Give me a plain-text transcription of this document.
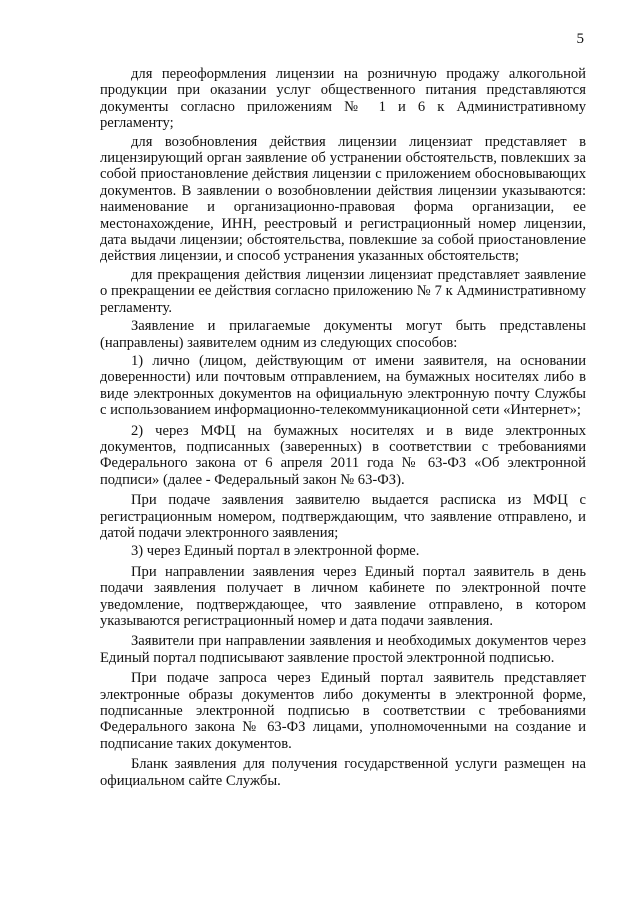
5

для переоформления лицензии на розничную продажу алкогольной продукции при оказании услуг общественного питания представляются документы согласно приложениям № 1 и 6 к Административному регламенту;

для возобновления действия лицензии лицензиат представляет в лицензирующий орган заявление об устранении обстоятельств, повлекших за собой приостановление действия лицензии с приложением обосновывающих документов. В заявлении о возобновлении действия лицензии указываются: наименование и организационно-правовая форма организации, ее местонахождение, ИНН, реестровый и регистрационный номер лицензии, дата выдачи лицензии; обстоятельства, повлекшие за собой приостановление действия лицензии, и способ устранения указанных обстоятельств;

для прекращения действия лицензии лицензиат представляет заявление о прекращении ее действия согласно приложению № 7 к Административному регламенту.

Заявление и прилагаемые документы могут быть представлены (направлены) заявителем одним из следующих способов:

1) лично (лицом, действующим от имени заявителя, на основании доверенности) или почтовым отправлением, на бумажных носителях либо в виде электронных документов на официальную электронную почту Службы с использованием информационно-телекоммуникационной сети «Интернет»;

2) через МФЦ на бумажных носителях и в виде электронных документов, подписанных (заверенных) в соответствии с требованиями Федерального закона от 6 апреля 2011 года № 63-ФЗ «Об электронной подписи» (далее - Федеральный закон № 63-ФЗ).

При подаче заявления заявителю выдается расписка из МФЦ с регистрационным номером, подтверждающим, что заявление отправлено, и датой подачи электронного заявления;

3) через Единый портал в электронной форме.

При направлении заявления через Единый портал заявитель в день подачи заявления получает в личном кабинете по электронной почте уведомление, подтверждающее, что заявление отправлено, в котором указываются регистрационный номер и дата подачи заявления.

Заявители при направлении заявления и необходимых документов через Единый портал подписывают заявление простой электронной подписью.

При подаче запроса через Единый портал заявитель представляет электронные образы документов либо документы в электронной форме, подписанные электронной подписью в соответствии с требованиями Федерального закона № 63-ФЗ лицами, уполномоченными на создание и подписание таких документов.

Бланк заявления для получения государственной услуги размещен на официальном сайте Службы.
